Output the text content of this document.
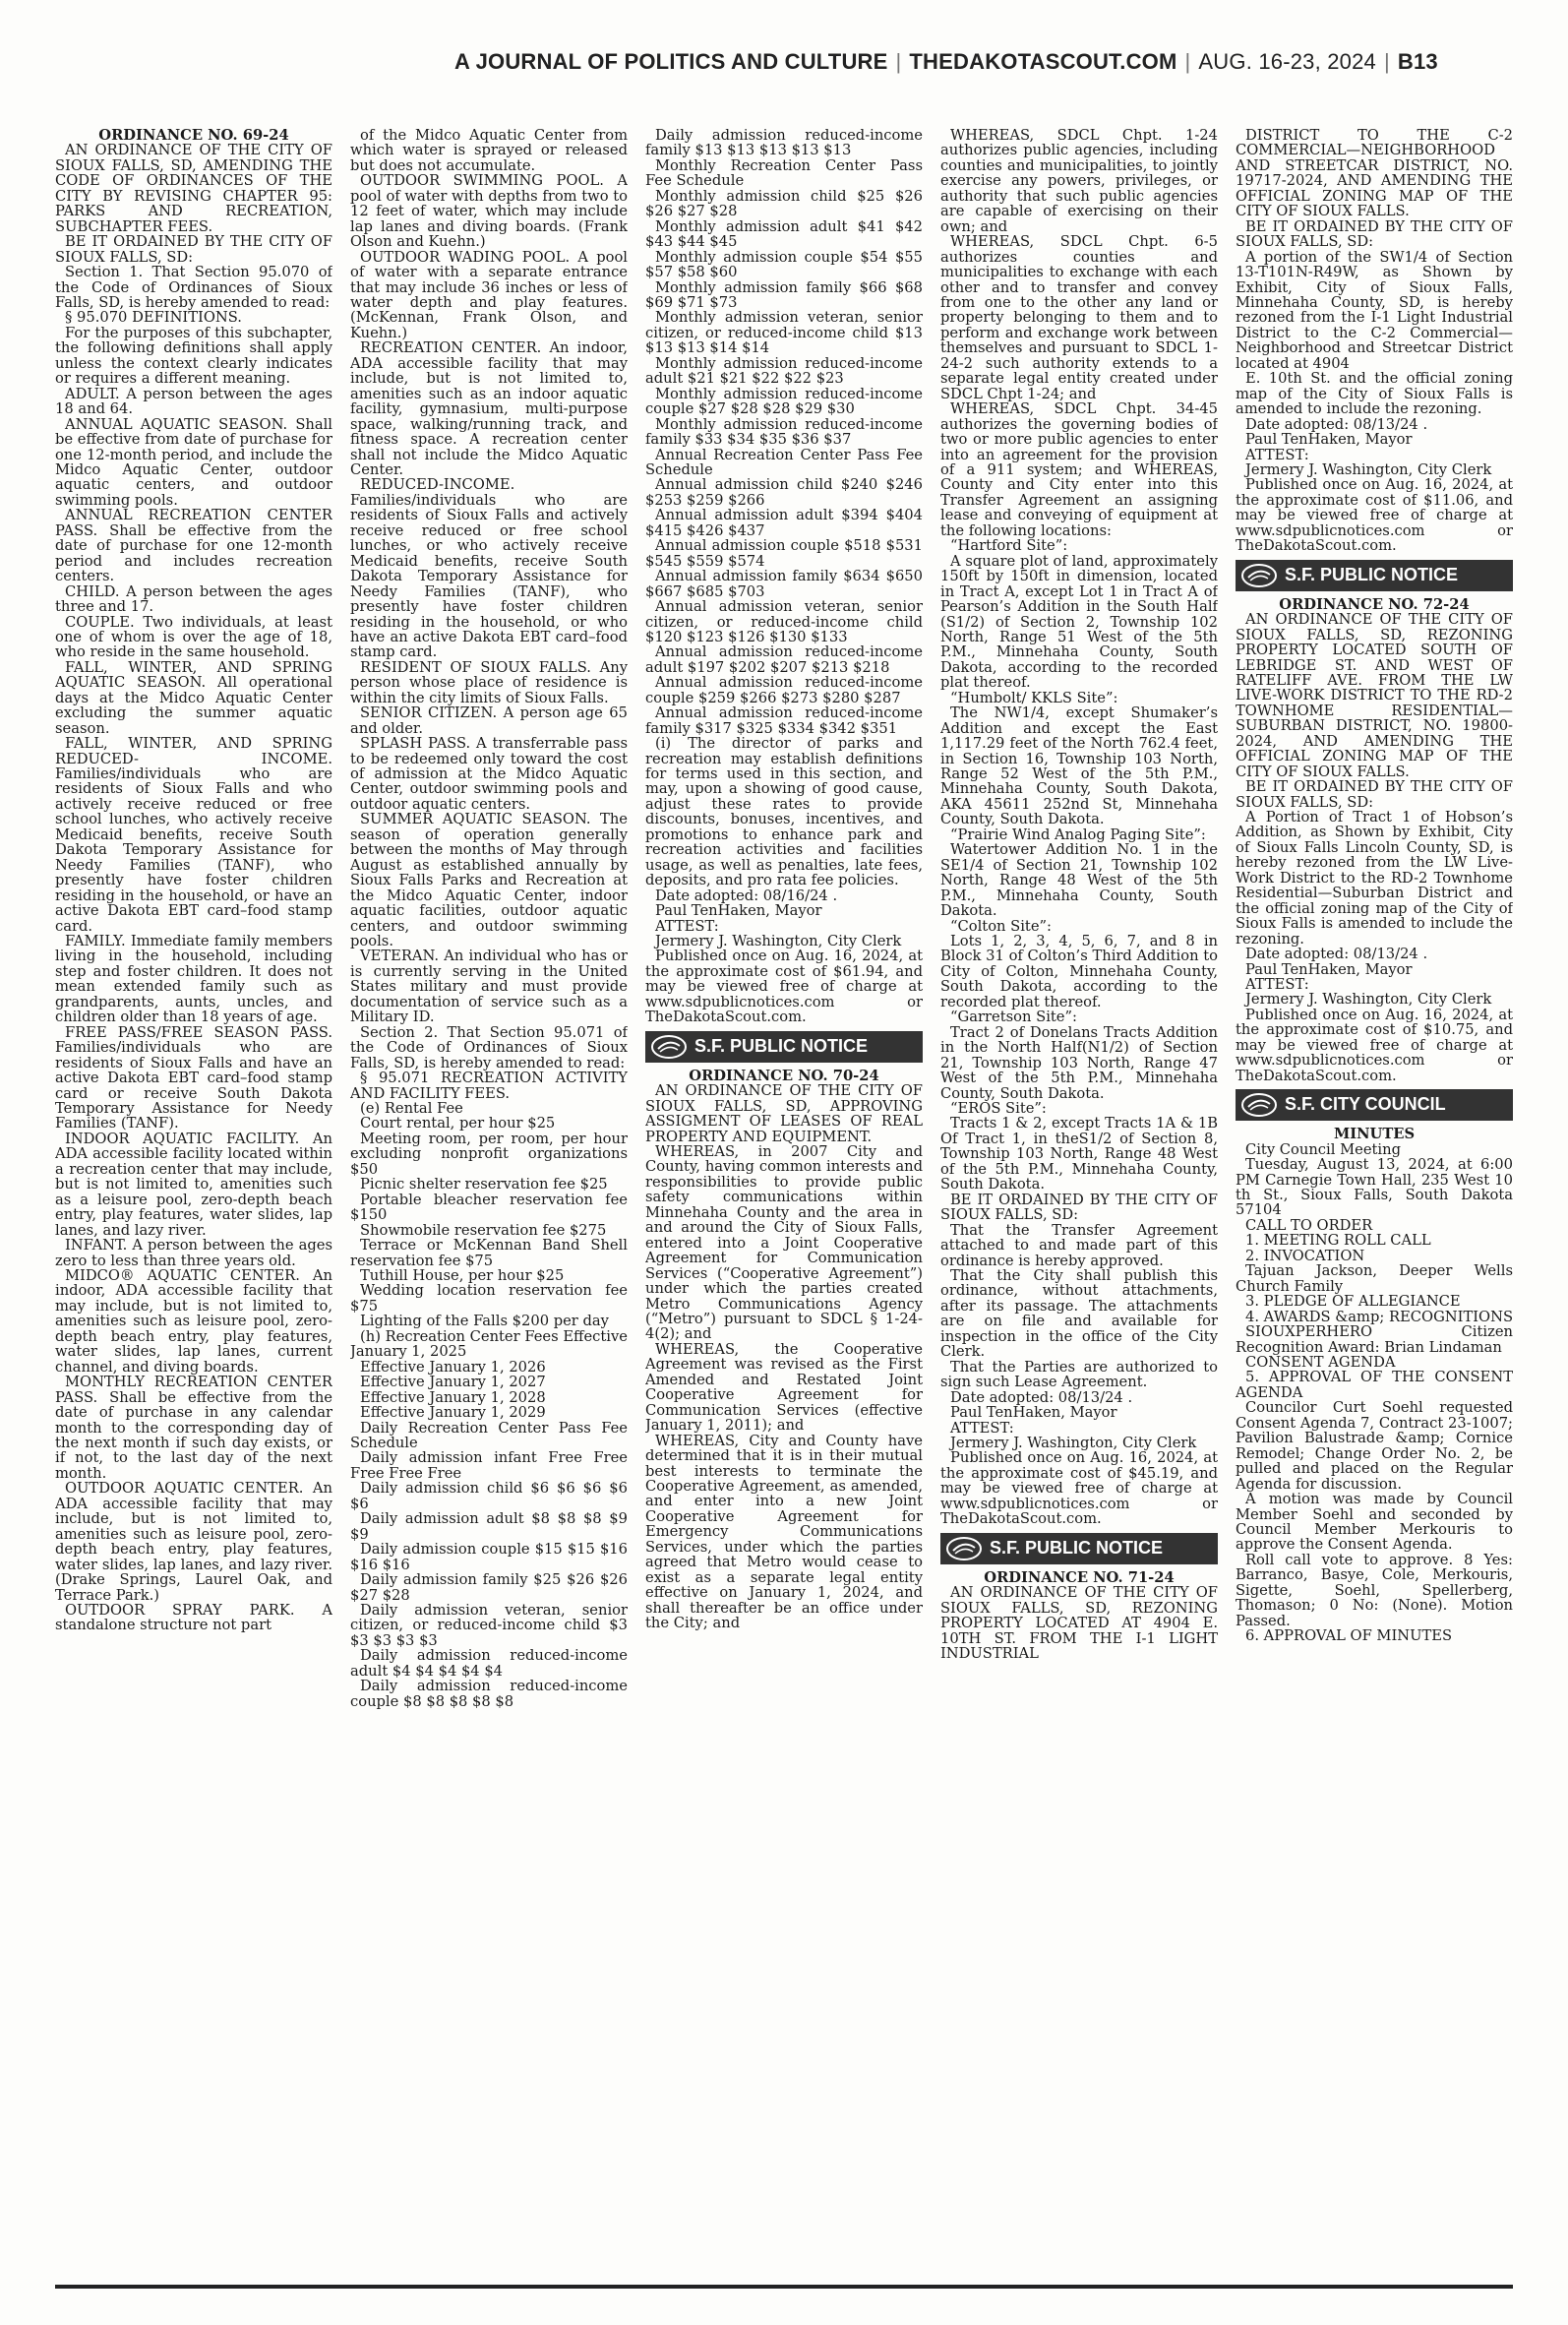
A JOURNAL OF POLITICS AND CULTURE | THEDAKOTASCOUT.COM | AUG. 16-23, 2024 | B13

ORDINANCE NO. 69-24

AN ORDINANCE OF THE CITY OF SIOUX FALLS, SD, AMENDING THE CODE OF ORDINANCES OF THE CITY BY REVISING CHAPTER 95: PARKS AND RECREATION, SUBCHAPTER FEES.

BE IT ORDAINED BY THE CITY OF SIOUX FALLS, SD:

Section 1. That Section 95.070 of the Code of Ordinances of Sioux Falls, SD, is hereby amended to read:

§ 95.070 DEFINITIONS.

For the purposes of this subchapter, the following definitions shall apply unless the context clearly indicates or requires a different meaning.

ADULT. A person between the ages 18 and 64.

ANNUAL AQUATIC SEASON. Shall be effective from date of purchase for one 12-month period, and include the Midco Aquatic Center, outdoor aquatic centers, and outdoor swimming pools.

ANNUAL RECREATION CENTER PASS. Shall be effective from the date of purchase for one 12-month period and includes recreation centers.

CHILD. A person between the ages three and 17.

COUPLE. Two individuals, at least one of whom is over the age of 18, who reside in the same household.

FALL, WINTER, AND SPRING AQUATIC SEASON. All operational days at the Midco Aquatic Center excluding the summer aquatic season.

FALL, WINTER, AND SPRING REDUCED- INCOME. Families/individuals who are residents of Sioux Falls and who actively receive reduced or free school lunches, who actively receive Medicaid benefits, receive South Dakota Temporary Assistance for Needy Families (TANF), who presently have foster children residing in the household, or have an active Dakota EBT card–food stamp card.

FAMILY. Immediate family members living in the household, including step and foster children. It does not mean extended family such as grandparents, aunts, uncles, and children older than 18 years of age.

FREE PASS/FREE SEASON PASS. Families/individuals who are residents of Sioux Falls and have an active Dakota EBT card–food stamp card or receive South Dakota Temporary Assistance for Needy Families (TANF).

INDOOR AQUATIC FACILITY. An ADA accessible facility located within a recreation center that may include, but is not limited to, amenities such as a leisure pool, zero-depth beach entry, play features, water slides, lap lanes, and lazy river.

INFANT. A person between the ages zero to less than three years old.

MIDCO® AQUATIC CENTER. An indoor, ADA accessible facility that may include, but is not limited to, amenities such as leisure pool, zero-depth beach entry, play features, water slides, lap lanes, current channel, and diving boards.

MONTHLY RECREATION CENTER PASS. Shall be effective from the date of purchase in any calendar month to the corresponding day of the next month if such day exists, or if not, to the last day of the next month.

OUTDOOR AQUATIC CENTER. An ADA accessible facility that may include, but is not limited to, amenities such as leisure pool, zero-depth beach entry, play features, water slides, lap lanes, and lazy river. (Drake Springs, Laurel Oak, and Terrace Park.)

OUTDOOR SPRAY PARK. A standalone structure not part

of the Midco Aquatic Center from which water is sprayed or released but does not accumulate.

OUTDOOR SWIMMING POOL. A pool of water with depths from two to 12 feet of water, which may include lap lanes and diving boards. (Frank Olson and Kuehn.)

OUTDOOR WADING POOL. A pool of water with a separate entrance that may include 36 inches or less of water depth and play features. (McKennan, Frank Olson, and Kuehn.)

RECREATION CENTER. An indoor, ADA accessible facility that may include, but is not limited to, amenities such as an indoor aquatic facility, gymnasium, multi-purpose space, walking/running track, and fitness space. A recreation center shall not include the Midco Aquatic Center.

REDUCED-INCOME. Families/individuals who are residents of Sioux Falls and actively receive reduced or free school lunches, or who actively receive Medicaid benefits, receive South Dakota Temporary Assistance for Needy Families (TANF), who presently have foster children residing in the household, or who have an active Dakota EBT card–food stamp card.

RESIDENT OF SIOUX FALLS. Any person whose place of residence is within the city limits of Sioux Falls.

SENIOR CITIZEN. A person age 65 and older.

SPLASH PASS. A transferrable pass to be redeemed only toward the cost of admission at the Midco Aquatic Center, outdoor swimming pools and outdoor aquatic centers.

SUMMER AQUATIC SEASON. The season of operation generally between the months of May through August as established annually by Sioux Falls Parks and Recreation at the Midco Aquatic Center, indoor aquatic facilities, outdoor aquatic centers, and outdoor swimming pools.

VETERAN. An individual who has or is currently serving in the United States military and must provide documentation of service such as a Military ID.

Section 2. That Section 95.071 of the Code of Ordinances of Sioux Falls, SD, is hereby amended to read:

§ 95.071 RECREATION ACTIVITY AND FACILITY FEES.

(e) Rental Fee

Court rental, per hour $25

Meeting room, per room, per hour excluding nonprofit organizations $50

Picnic shelter reservation fee $25

Portable bleacher reservation fee $150

Showmobile reservation fee $275

Terrace or McKennan Band Shell reservation fee $75

Tuthill House, per hour $25

Wedding location reservation fee $75

Lighting of the Falls $200 per day

(h) Recreation Center Fees Effective January 1, 2025

Effective January 1, 2026

Effective January 1, 2027

Effective January 1, 2028

Effective January 1, 2029

Daily Recreation Center Pass Fee Schedule

Daily admission infant Free Free Free Free Free

Daily admission child $6 $6 $6 $6 $6

Daily admission adult $8 $8 $8 $9 $9

Daily admission couple $15 $15 $16 $16 $16

Daily admission family $25 $26 $26 $27 $28

Daily admission veteran, senior citizen, or reduced-income child $3 $3 $3 $3 $3

Daily admission reduced-income adult $4 $4 $4 $4 $4

Daily admission reduced-income couple $8 $8 $8 $8 $8

Daily admission reduced-income family $13 $13 $13 $13 $13

Monthly Recreation Center Pass Fee Schedule

Monthly admission child $25 $26 $26 $27 $28

Monthly admission adult $41 $42 $43 $44 $45

Monthly admission couple $54 $55 $57 $58 $60

Monthly admission family $66 $68 $69 $71 $73

Monthly admission veteran, senior citizen, or reduced-income child $13 $13 $13 $14 $14

Monthly admission reduced-income adult $21 $21 $22 $22 $23

Monthly admission reduced-income couple $27 $28 $28 $29 $30

Monthly admission reduced-income family $33 $34 $35 $36 $37

Annual Recreation Center Pass Fee Schedule

Annual admission child $240 $246 $253 $259 $266

Annual admission adult $394 $404 $415 $426 $437

Annual admission couple $518 $531 $545 $559 $574

Annual admission family $634 $650 $667 $685 $703

Annual admission veteran, senior citizen, or reduced-income child $120 $123 $126 $130 $133

Annual admission reduced-income adult $197 $202 $207 $213 $218

Annual admission reduced-income couple $259 $266 $273 $280 $287

Annual admission reduced-income family $317 $325 $334 $342 $351

(i) The director of parks and recreation may establish definitions for terms used in this section, and may, upon a showing of good cause, adjust these rates to provide discounts, bonuses, incentives, and promotions to enhance park and recreation activities and facilities usage, as well as penalties, late fees, deposits, and pro rata fee policies.

Date adopted: 08/16/24 .

Paul TenHaken, Mayor

ATTEST:

Jermery J. Washington, City Clerk

Published once on Aug. 16, 2024, at the approximate cost of $61.94, and may be viewed free of charge at www.sdpublicnotices.com or TheDakotaScout.com.

S.F. PUBLIC NOTICE

ORDINANCE NO. 70-24

AN ORDINANCE OF THE CITY OF SIOUX FALLS, SD, APPROVING ASSIGMENT OF LEASES OF REAL PROPERTY AND EQUIPMENT.

WHEREAS, in 2007 City and County, having common interests and responsibilities to provide public safety communications within Minnehaha County and the area in and around the City of Sioux Falls, entered into a Joint Cooperative Agreement for Communication Services (“Cooperative Agreement”) under which the parties created Metro Communications Agency (“Metro”) pursuant to SDCL § 1-24-4(2); and

WHEREAS, the Cooperative Agreement was revised as the First Amended and Restated Joint Cooperative Agreement for Communication Services (effective January 1, 2011); and

WHEREAS, City and County have determined that it is in their mutual best interests to terminate the Cooperative Agreement, as amended, and enter into a new Joint Cooperative Agreement for Emergency Communications Services, under which the parties agreed that Metro would cease to exist as a separate legal entity effective on January 1, 2024, and shall thereafter be an office under the City; and

WHEREAS, SDCL Chpt. 1-24 authorizes public agencies, including counties and municipalities, to jointly exercise any powers, privileges, or authority that such public agencies are capable of exercising on their own; and

WHEREAS, SDCL Chpt. 6-5 authorizes counties and municipalities to exchange with each other and to transfer and convey from one to the other any land or property belonging to them and to perform and exchange work between themselves and pursuant to SDCL 1-24-2 such authority extends to a separate legal entity created under SDCL Chpt 1-24; and

WHEREAS, SDCL Chpt. 34-45 authorizes the governing bodies of two or more public agencies to enter into an agreement for the provision of a 911 system; and WHEREAS, County and City enter into this Transfer Agreement an assigning lease and conveying of equipment at the following locations:

“Hartford Site”:

A square plot of land, approximately 150ft by 150ft in dimension, located in Tract A, except Lot 1 in Tract A of Pearson’s Addition in the South Half (S1/2) of Section 2, Township 102 North, Range 51 West of the 5th P.M., Minnehaha County, South Dakota, according to the recorded plat thereof.

“Humbolt/ KKLS Site”:

The NW1/4, except Shumaker’s Addition and except the East 1,117.29 feet of the North 762.4 feet, in Section 16, Township 103 North, Range 52 West of the 5th P.M., Minnehaha County, South Dakota, AKA 45611 252nd St, Minnehaha County, South Dakota.

“Prairie Wind Analog Paging Site”:

Watertower Addition No. 1 in the SE1/4 of Section 21, Township 102 North, Range 48 West of the 5th P.M., Minnehaha County, South Dakota.

“Colton Site”:

Lots 1, 2, 3, 4, 5, 6, 7, and 8 in Block 31 of Colton’s Third Addition to City of Colton, Minnehaha County, South Dakota, according to the recorded plat thereof.

“Garretson Site”:

Tract 2 of Donelans Tracts Addition in the North Half(N1/2) of Section 21, Township 103 North, Range 47 West of the 5th P.M., Minnehaha County, South Dakota.

“EROS Site”:

Tracts 1 & 2, except Tracts 1A & 1B Of Tract 1, in theS1/2 of Section 8, Township 103 North, Range 48 West of the 5th P.M., Minnehaha County, South Dakota.

BE IT ORDAINED BY THE CITY OF SIOUX FALLS, SD:

That the Transfer Agreement attached to and made part of this ordinance is hereby approved.

That the City shall publish this ordinance, without attachments, after its passage. The attachments are on file and available for inspection in the office of the City Clerk.

That the Parties are authorized to sign such Lease Agreement.

Date adopted: 08/13/24 .

Paul TenHaken, Mayor

ATTEST:

Jermery J. Washington, City Clerk

Published once on Aug. 16, 2024, at the approximate cost of $45.19, and may be viewed free of charge at www.sdpublicnotices.com or TheDakotaScout.com.

S.F. PUBLIC NOTICE

ORDINANCE NO. 71-24

AN ORDINANCE OF THE CITY OF SIOUX FALLS, SD, REZONING PROPERTY LOCATED AT 4904 E. 10TH ST. FROM THE I-1 LIGHT INDUSTRIAL

DISTRICT TO THE C-2 COMMERCIAL—NEIGHBORHOOD AND STREETCAR DISTRICT, NO. 19717-2024, AND AMENDING THE OFFICIAL ZONING MAP OF THE CITY OF SIOUX FALLS.

BE IT ORDAINED BY THE CITY OF SIOUX FALLS, SD:

A portion of the SW1/4 of Section 13-T101N-R49W, as Shown by Exhibit, City of Sioux Falls, Minnehaha County, SD, is hereby rezoned from the I-1 Light Industrial District to the C-2 Commercial—Neighborhood and Streetcar District located at 4904

E. 10th St. and the official zoning map of the City of Sioux Falls is amended to include the rezoning.

Date adopted: 08/13/24 .

Paul TenHaken, Mayor

ATTEST:

Jermery J. Washington, City Clerk

Published once on Aug. 16, 2024, at the approximate cost of $11.06, and may be viewed free of charge at www.sdpublicnotices.com or TheDakotaScout.com.

S.F. PUBLIC NOTICE

ORDINANCE NO. 72-24

AN ORDINANCE OF THE CITY OF SIOUX FALLS, SD, REZONING PROPERTY LOCATED SOUTH OF LEBRIDGE ST. AND WEST OF RATELIFF AVE. FROM THE LW LIVE-WORK DISTRICT TO THE RD-2 TOWNHOME RESIDENTIAL—SUBURBAN DISTRICT, NO. 19800-2024, AND AMENDING THE OFFICIAL ZONING MAP OF THE CITY OF SIOUX FALLS.

BE IT ORDAINED BY THE CITY OF SIOUX FALLS, SD:

A Portion of Tract 1 of Hobson’s Addition, as Shown by Exhibit, City of Sioux Falls Lincoln County, SD, is hereby rezoned from the LW Live-Work District to the RD-2 Townhome Residential—Suburban District and the official zoning map of the City of Sioux Falls is amended to include the rezoning.

Date adopted: 08/13/24 .

Paul TenHaken, Mayor

ATTEST:

Jermery J. Washington, City Clerk

Published once on Aug. 16, 2024, at the approximate cost of $10.75, and may be viewed free of charge at www.sdpublicnotices.com or TheDakotaScout.com.

S.F. CITY COUNCIL

MINUTES

City Council Meeting

Tuesday, August 13, 2024, at 6:00 PM Carnegie Town Hall, 235 West 10 th St., Sioux Falls, South Dakota 57104

CALL TO ORDER

1. MEETING ROLL CALL

2. INVOCATION

Tajuan Jackson, Deeper Wells Church Family

3. PLEDGE OF ALLEGIANCE

4. AWARDS &amp; RECOGNITIONS

SIOUXPERHERO Citizen Recognition Award: Brian Lindaman

CONSENT AGENDA

5. APPROVAL OF THE CONSENT AGENDA

Councilor Curt Soehl requested Consent Agenda 7, Contract 23-1007; Pavilion Balustrade &amp; Cornice Remodel; Change Order No. 2, be pulled and placed on the Regular Agenda for discussion.

A motion was made by Council Member Soehl and seconded by Council Member Merkouris to approve the Consent Agenda.

Roll call vote to approve. 8 Yes: Barranco, Basye, Cole, Merkouris, Sigette, Soehl, Spellerberg, Thomason; 0 No: (None). Motion Passed.

6. APPROVAL OF MINUTES
